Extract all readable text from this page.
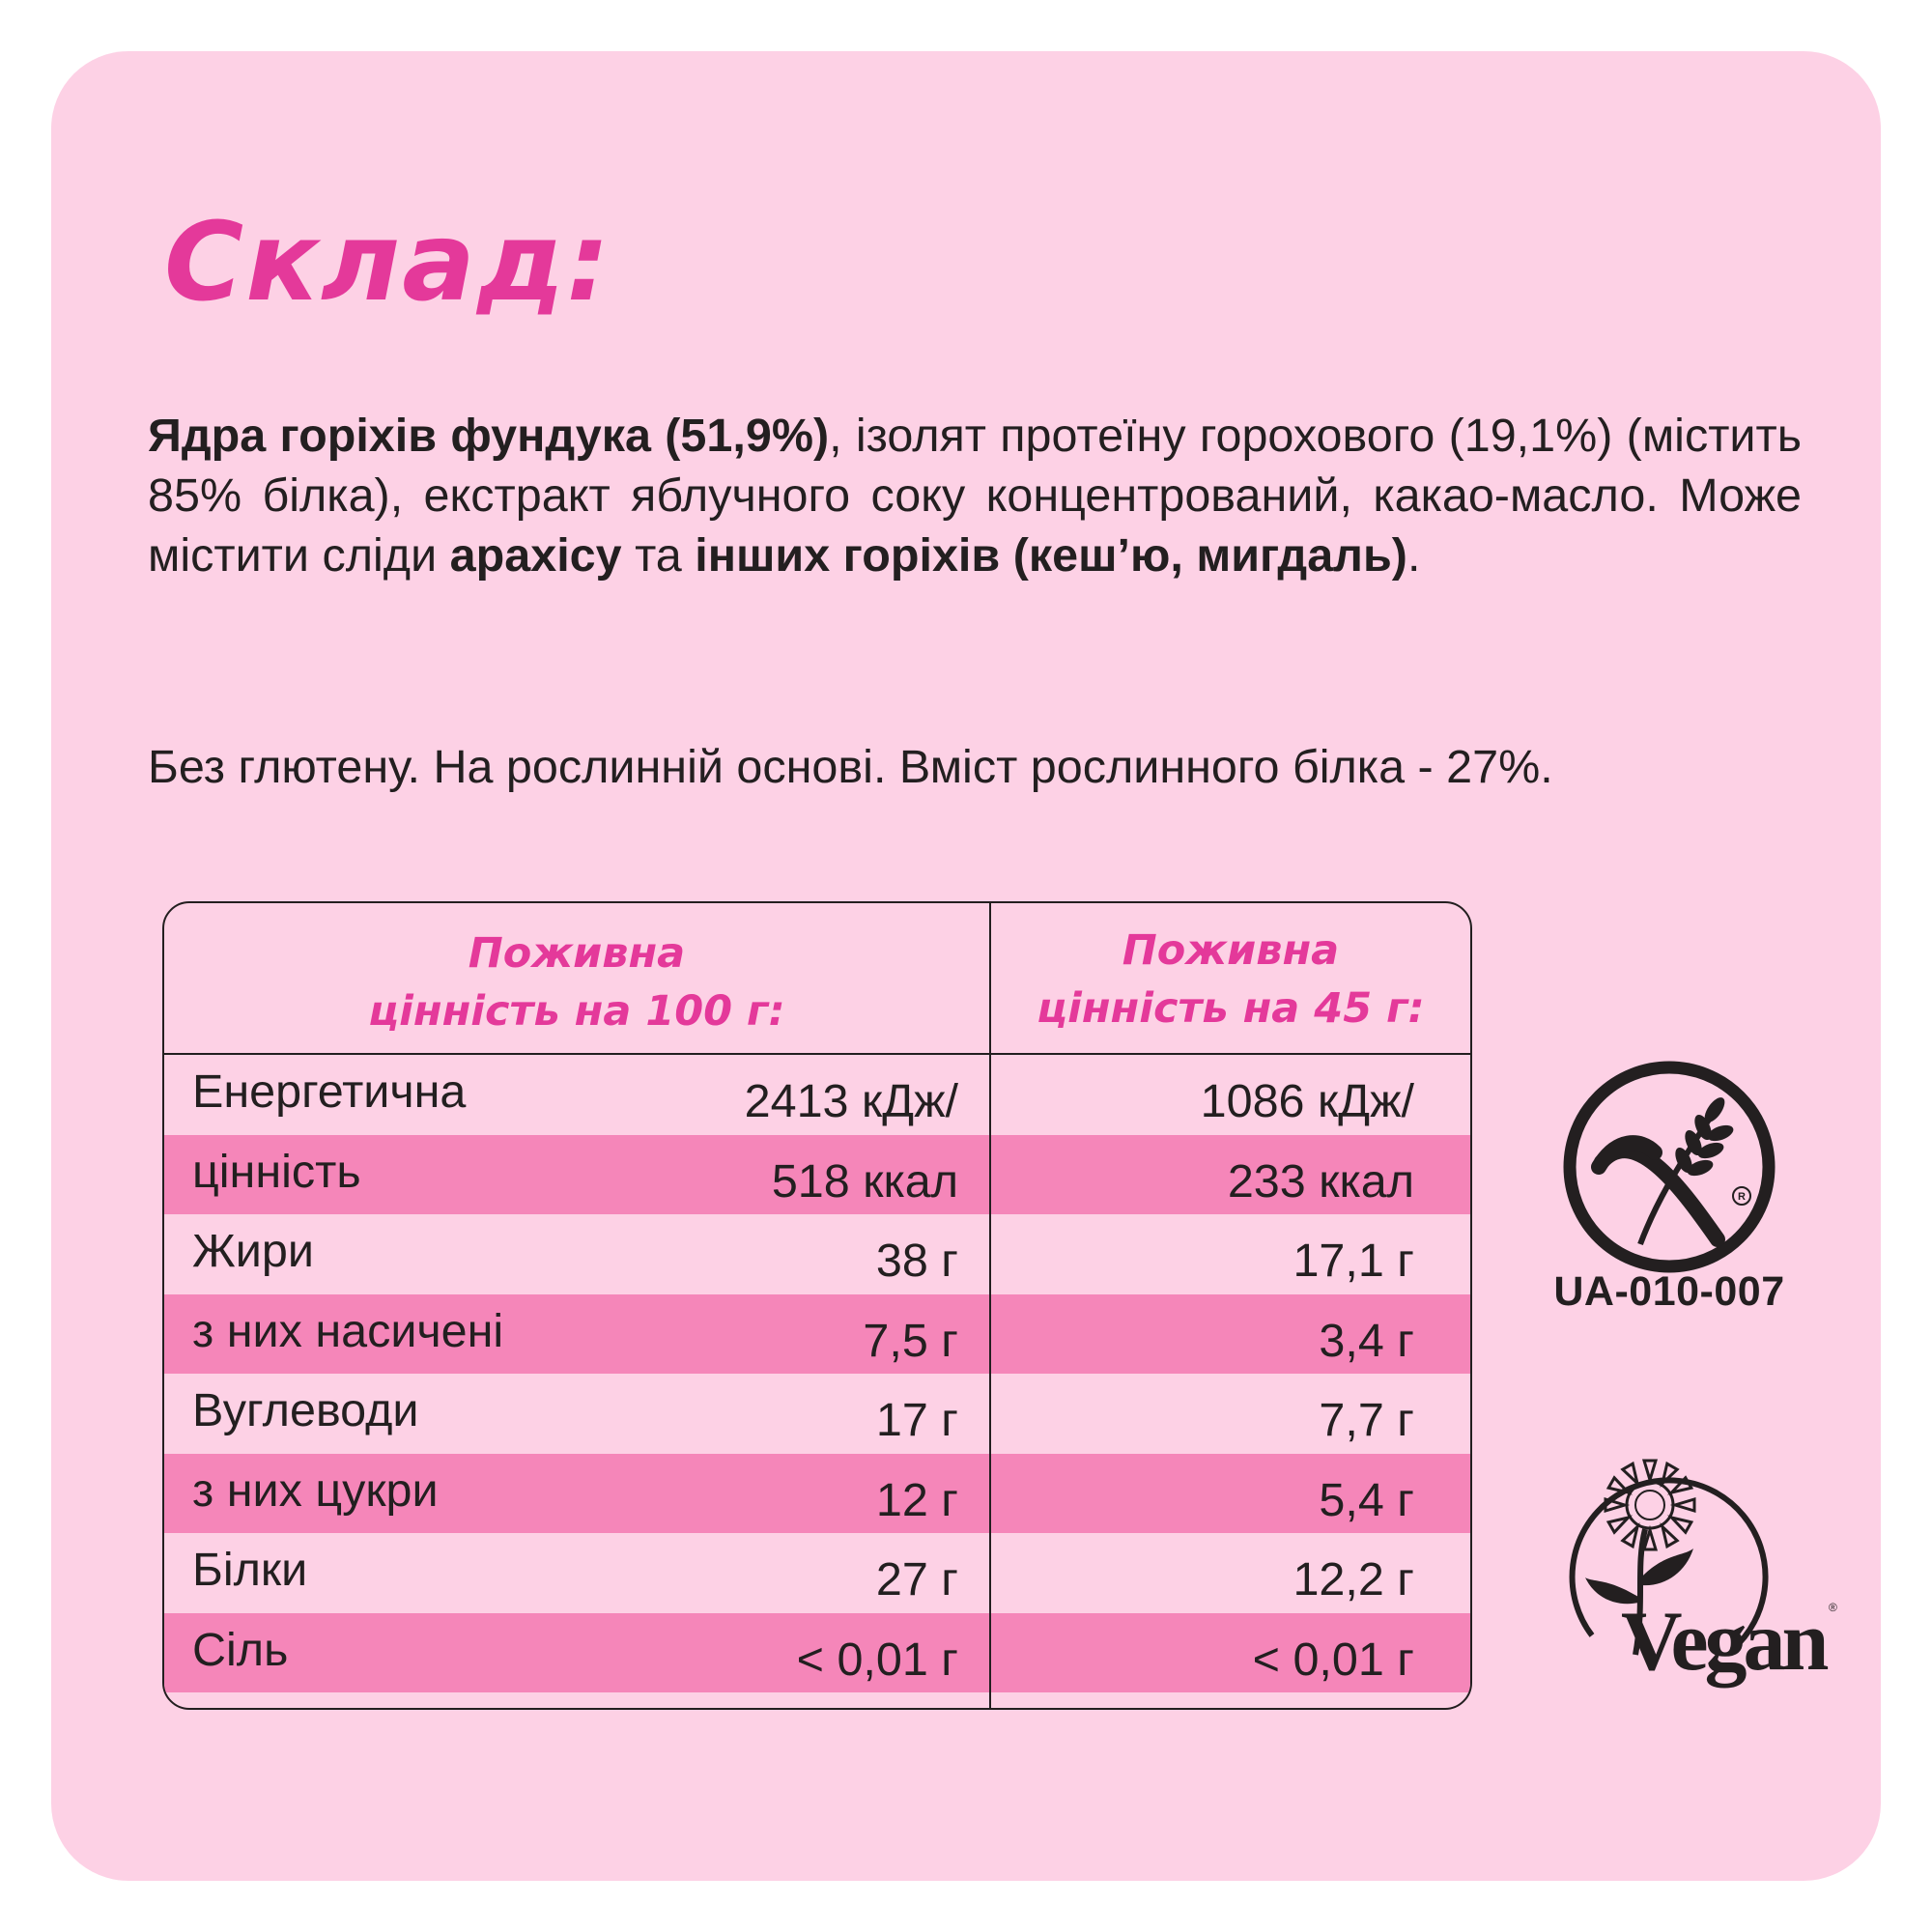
Склад:
Ядра горіхів фундука (51,9%), ізолят протеїну горохового (19,1%) (містить 85% білка), екстракт яблучного соку концентрований, какао-масло. Може містити сліди арахісу та інших горіхів (кеш’ю, мигдаль).
Без глютену. На рослинній основі. Вміст рослинного білка - 27%.
Поживна
цінність на 100 г:
Поживна
цінність на 45 г:
Енергетична	2413 кДж/	1086 кДж/
цінність	518 ккал	233 ккал
Жири	38 г	17,1 г
з них насичені	7,5 г	3,4 г
Вуглеводи	17 г	7,7 г
з них цукри	12 г	5,4 г
Білки	27 г	12,2 г
Сіль	< 0,01 г	< 0,01 г
R
UA-010-007
Vegan ®
